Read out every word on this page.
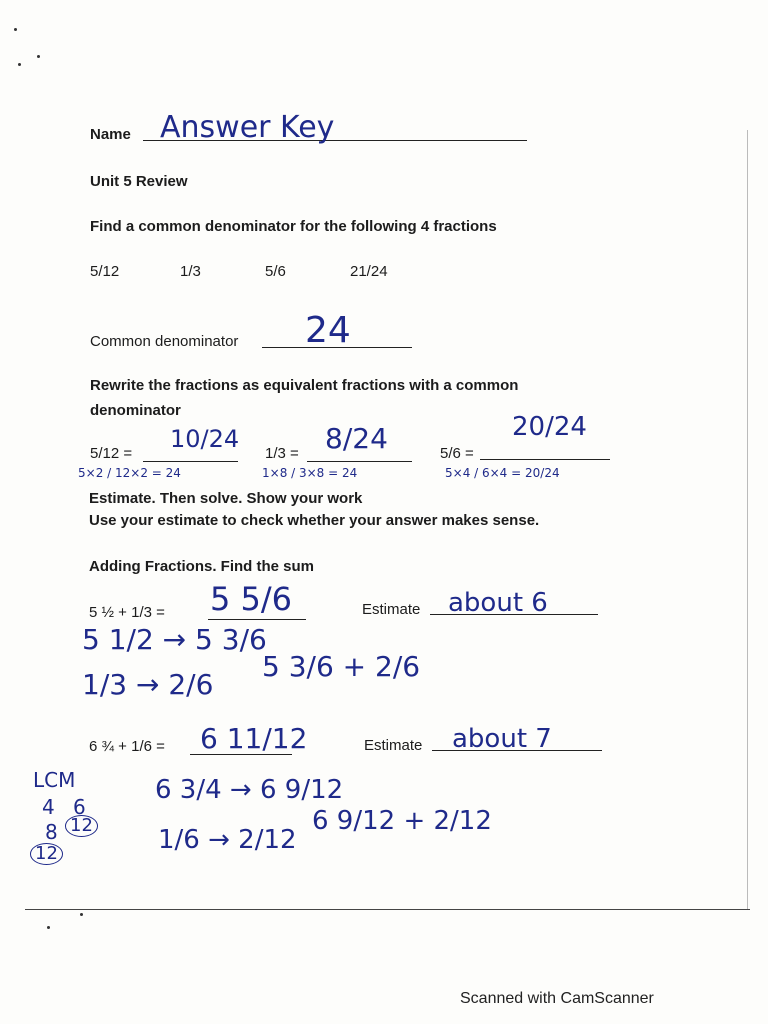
Name Answer Key
Unit 5 Review
Find a common denominator for the following 4 fractions
5/12	1/3	5/6	21/24
Common denominator 24
Rewrite the fractions as equivalent fractions with a common
denominator
5/12 =
10/24
5×2 / 12×2 = 24
1/3 = 8/24
1×8 / 3×8 = 24
5/6 =
20/24
5×4 / 6×4 = 20/24
Estimate. Then solve. Show your work
Use your estimate to check whether your answer makes sense.
Adding Fractions. Find the sum
5 ½ + 1/3 = 5 5/6	Estimate about 6
5 1/2 → 5 3/6
1/3 → 2/6
5 3/6 + 2/6
6 ¾ + 1/6 = 6 11/12	Estimate about 7
6 3/4 → 6 9/12
1/6 → 2/12
6 9/12 + 2/12
LCM
4 6
8 12
12
Scanned with CamScanner
